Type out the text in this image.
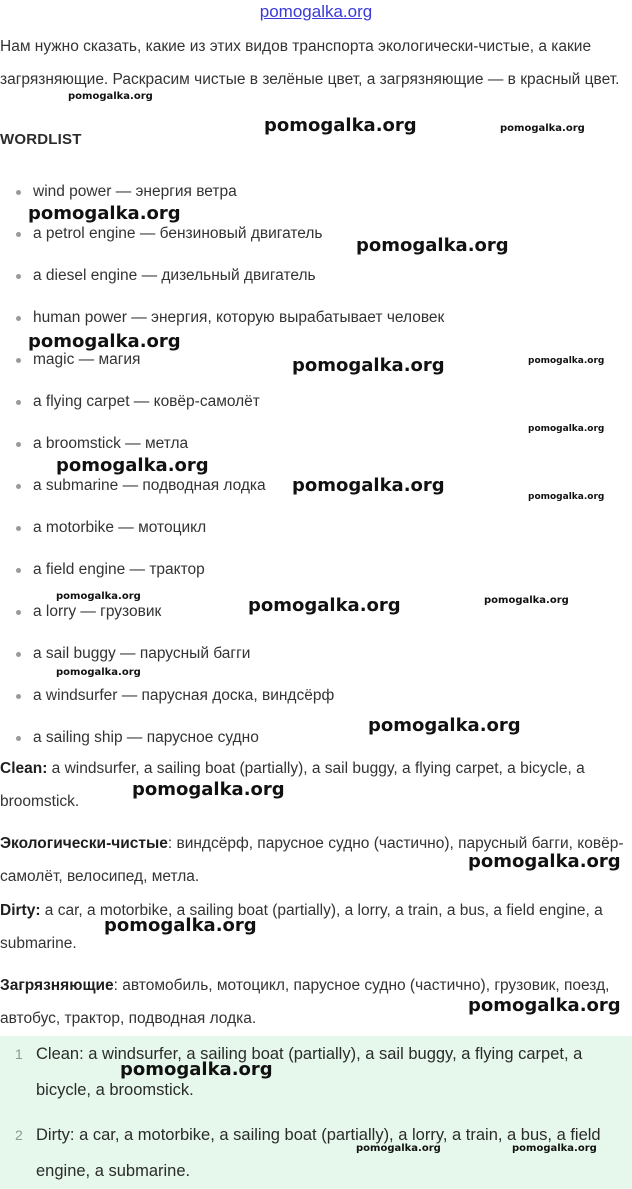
pomogalka.org
Нам нужно сказать, какие из этих видов транспорта экологически-чистые, а какие загрязняющие. Раскрасим чистые в зелёные цвет, а загрязняющие — в красный цвет.
WORDLIST
wind power — энергия ветра
a petrol engine — бензиновый двигатель
a diesel engine — дизельный двигатель
human power — энергия, которую вырабатывает человек
magic — магия
a flying carpet — ковёр-самолёт
a broomstick — метла
a submarine — подводная лодка
a motorbike — мотоцикл
a field engine — трактор
a lorry — грузовик
a sail buggy — парусный багги
a windsurfer — парусная доска, виндсёрф
a sailing ship — парусное судно
Clean: a windsurfer, a sailing boat (partially), a sail buggy, a flying carpet, a bicycle, a broomstick.
Экологически-чистые: виндсёрф, парусное судно (частично), парусный багги, ковёр-самолёт, велосипед, метла.
Dirty: a car, a motorbike, a sailing boat (partially), a lorry, a train, a bus, a field engine, a submarine.
Загрязняющие: автомобиль, мотоцикл, парусное судно (частично), грузовик, поезд, автобус, трактор, подводная лодка.
1 Clean: a windsurfer, a sailing boat (partially), a sail buggy, a flying carpet, a bicycle, a broomstick.
2 Dirty: a car, a motorbike, a sailing boat (partially), a lorry, a train, a bus, a field engine, a submarine.
pomogalka.org
pomogalka.org	pomogalka.org
pomogalka.org
pomogalka.org
pomogalka.org
pomogalka.org	pomogalka.org
pomogalka.org
pomogalka.org
pomogalka.org
pomogalka.org
pomogalka.org	pomogalka.org	pomogalka.org
pomogalka.org
pomogalka.org
pomogalka.org
pomogalka.org
pomogalka.org
pomogalka.org
pomogalka.org
pomogalka.org	pomogalka.org
